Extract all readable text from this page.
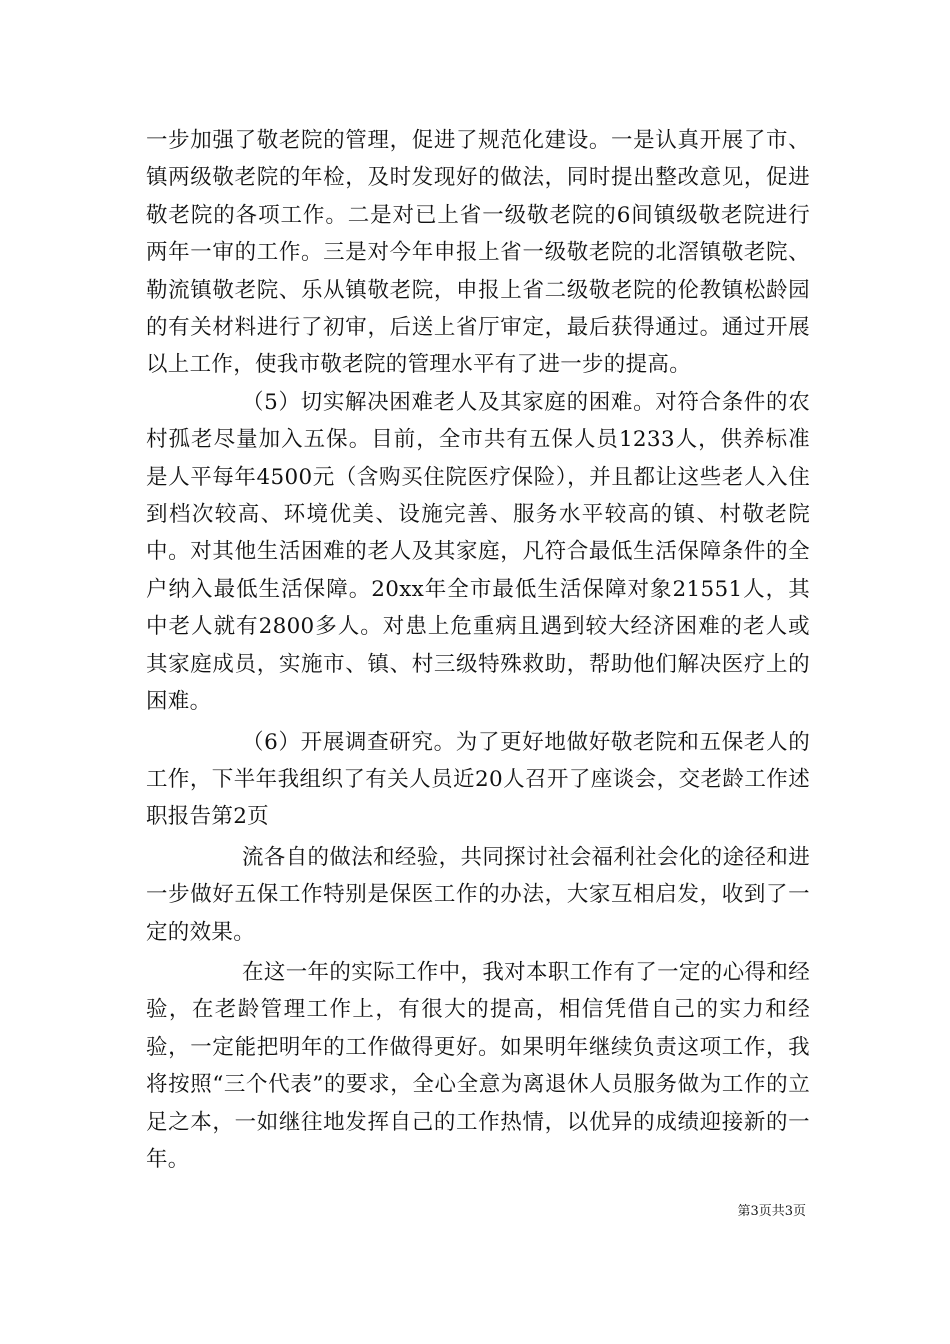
一步加强了敬老院的管理，促进了规范化建设。一是认真开展了市、镇两级敬老院的年检，及时发现好的做法，同时提出整改意见，促进敬老院的各项工作。二是对已上省一级敬老院的6间镇级敬老院进行两年一审的工作。三是对今年申报上省一级敬老院的北滘镇敬老院、勒流镇敬老院、乐从镇敬老院，申报上省二级敬老院的伦教镇松龄园的有关材料进行了初审，后送上省厅审定，最后获得通过。通过开展以上工作，使我市敬老院的管理水平有了进一步的提高。

（5）切实解决困难老人及其家庭的困难。对符合条件的农村孤老尽量加入五保。目前，全市共有五保人员1233人，供养标准是人平每年4500元（含购买住院医疗保险），并且都让这些老人入住到档次较高、环境优美、设施完善、服务水平较高的镇、村敬老院中。对其他生活困难的老人及其家庭，凡符合最低生活保障条件的全户纳入最低生活保障。20xx年全市最低生活保障对象21551人，其中老人就有2800多人。对患上危重病且遇到较大经济困难的老人或其家庭成员，实施市、镇、村三级特殊救助，帮助他们解决医疗上的困难。

（6）开展调查研究。为了更好地做好敬老院和五保老人的工作，下半年我组织了有关人员近20人召开了座谈会，交老龄工作述职报告第2页

流各自的做法和经验，共同探讨社会福利社会化的途径和进一步做好五保工作特别是保医工作的办法，大家互相启发，收到了一定的效果。

在这一年的实际工作中，我对本职工作有了一定的心得和经验，在老龄管理工作上，有很大的提高，相信凭借自己的实力和经验，一定能把明年的工作做得更好。如果明年继续负责这项工作，我将按照“三个代表”的要求，全心全意为离退休人员服务做为工作的立足之本，一如继往地发挥自己的工作热情，以优异的成绩迎接新的一年。

第3页共3页
